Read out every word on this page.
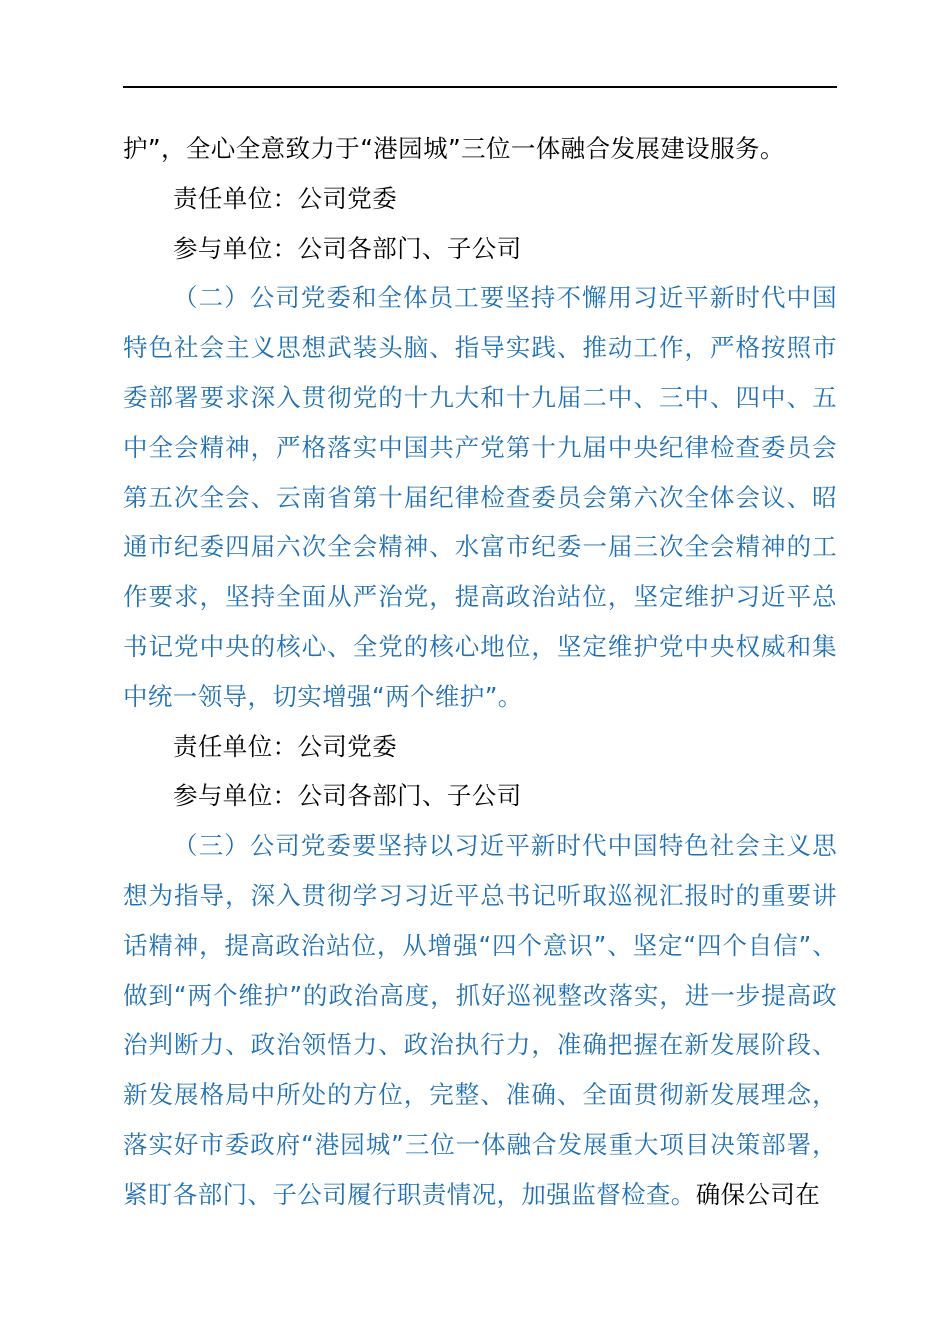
护”，全心全意致力于“港园城”三位一体融合发展建设服务。

责任单位：公司党委

参与单位：公司各部门、子公司

（二）公司党委和全体员工要坚持不懈用习近平新时代中国特色社会主义思想武装头脑、指导实践、推动工作，严格按照市委部署要求深入贯彻党的十九大和十九届二中、三中、四中、五中全会精神，严格落实中国共产党第十九届中央纪律检查委员会第五次全会、云南省第十届纪律检查委员会第六次全体会议、昭通市纪委四届六次全会精神、水富市纪委一届三次全会精神的工作要求，坚持全面从严治党，提高政治站位，坚定维护习近平总书记党中央的核心、全党的核心地位，坚定维护党中央权威和集中统一领导，切实增强“两个维护”。

责任单位：公司党委

参与单位：公司各部门、子公司

（三）公司党委要坚持以习近平新时代中国特色社会主义思想为指导，深入贯彻学习习近平总书记听取巡视汇报时的重要讲话精神，提高政治站位，从增强“四个意识”、坚定“四个自信”、做到“两个维护”的政治高度，抓好巡视整改落实，进一步提高政治判断力、政治领悟力、政治执行力，准确把握在新发展阶段、新发展格局中所处的方位，完整、准确、全面贯彻新发展理念，落实好市委政府“港园城”三位一体融合发展重大项目决策部署，紧盯各部门、子公司履行职责情况，加强监督检查。确保公司在
